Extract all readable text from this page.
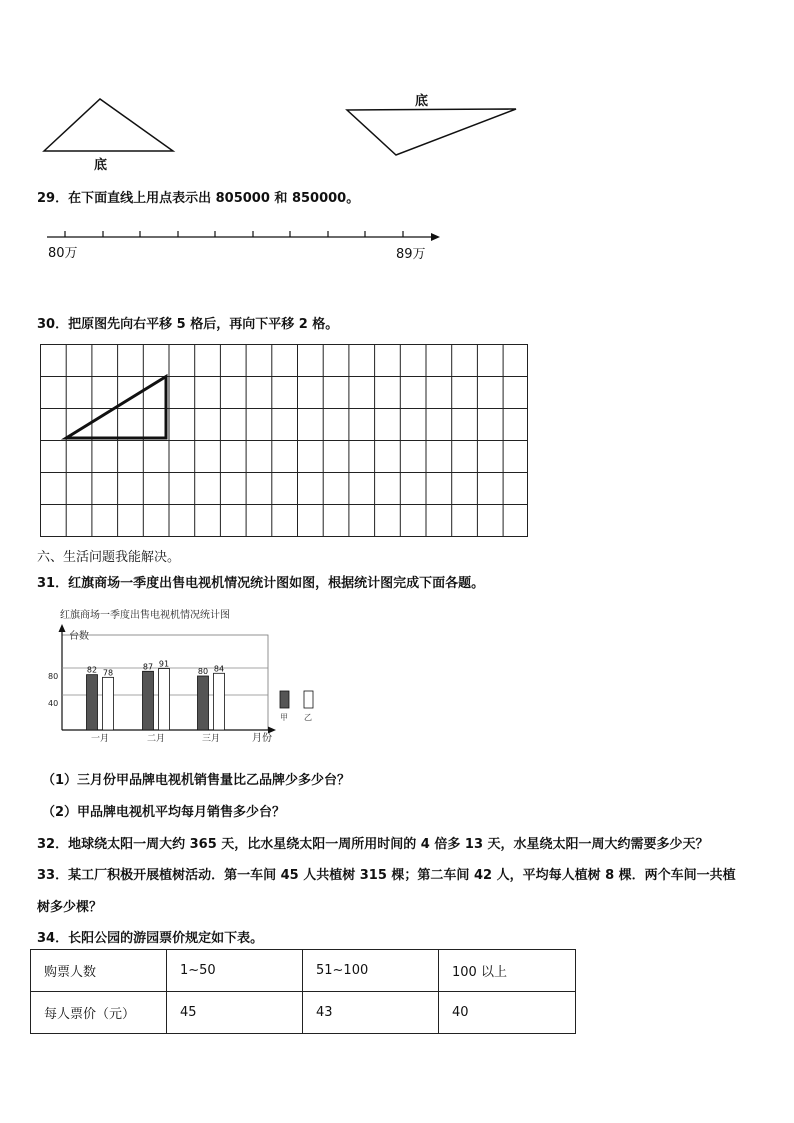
底
底
29．在下面直线上用点表示出 805000 和 850000。
80万	89万
30．把原图先向右平移 5 格后，再向下平移 2 格。
六、生活问题我能解决。
31．红旗商场一季度出售电视机情况统计图如图，根据统计图完成下面各题。
红旗商场一季度出售电视机情况统计图
台数
月份
40
80
82 78
一月
87 91
二月
80 84
三月
甲 乙
（1）三月份甲品牌电视机销售量比乙品牌少多少台？
（2）甲品牌电视机平均每月销售多少台？
32．地球绕太阳一周大约 365 天，比水星绕太阳一周所用时间的 4 倍多 13 天，水星绕太阳一周大约需要多少天？
33．某工厂积极开展植树活动．第一车间 45 人共植树 315 棵；第二车间 42 人，平均每人植树 8 棵．两个车间一共植
树多少棵？
34．长阳公园的游园票价规定如下表。
购票人数	1~50	51~100	100 以上
每人票价（元）	45	43	40
